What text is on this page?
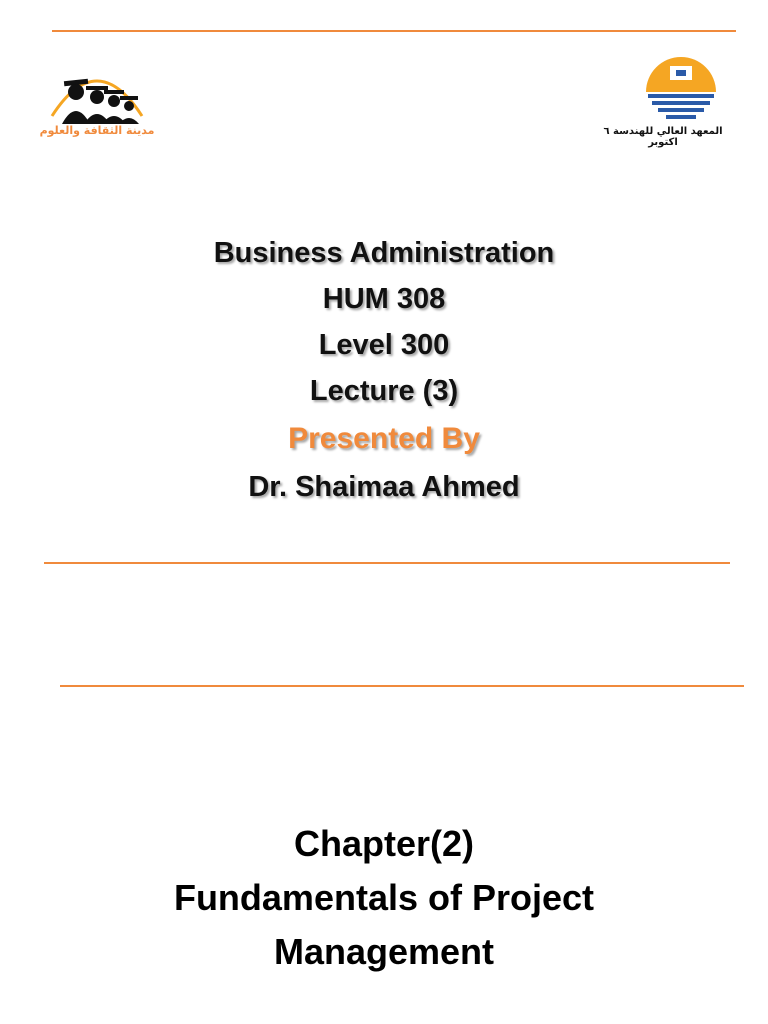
مدينة الثقافة والعلوم	المعهد العالي للهندسة ٦ اكتوبر
Business Administration
HUM 308
Level 300
Lecture (3)
Presented By
Dr. Shaimaa Ahmed
Chapter(2)
Fundamentals of Project
Management
